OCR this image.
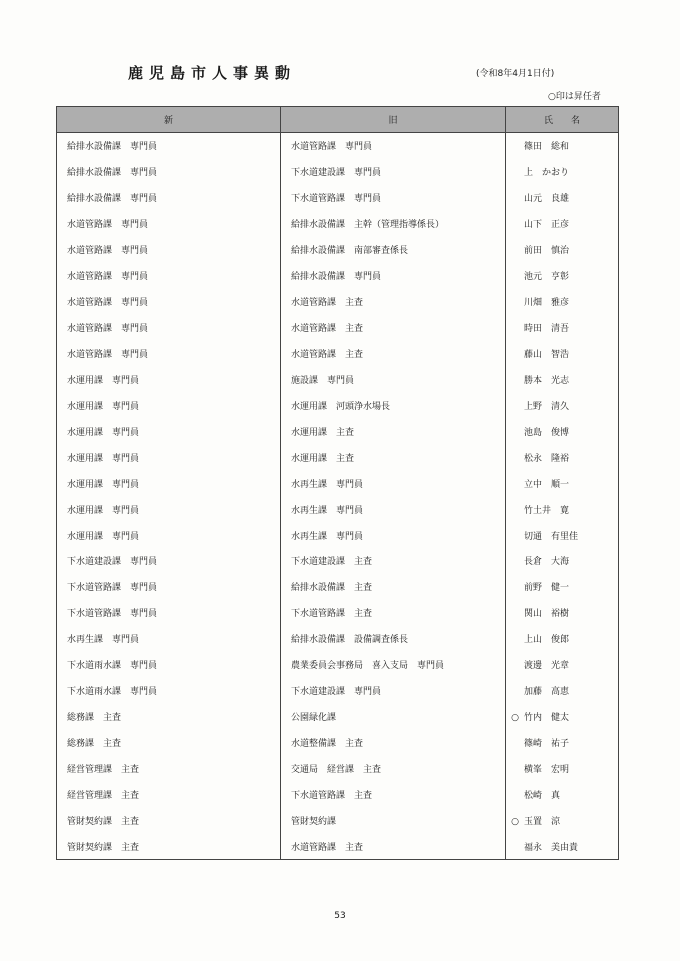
鹿児島市人事異動	(令和8年4月1日付)
○印は昇任者
新	旧	氏　　名
給排水設備課　専門員	水道管路課　専門員	篠田　総和
給排水設備課　専門員	下水道建設課　専門員	上　かおり
給排水設備課　専門員	下水道管路課　専門員	山元　良雄
水道管路課　専門員	給排水設備課　主幹（管理指導係長）	山下　正彦
水道管路課　専門員	給排水設備課　南部審査係長	前田　慎治
水道管路課　専門員	給排水設備課　専門員	池元　亨彰
水道管路課　専門員	水道管路課　主査	川畑　雅彦
水道管路課　専門員	水道管路課　主査	時田　清吾
水道管路課　専門員	水道管路課　主査	藤山　智浩
水運用課　専門員	施設課　専門員	勝本　光志
水運用課　専門員	水運用課　河頭浄水場長	上野　清久
水運用課　専門員	水運用課　主査	池島　俊博
水運用課　専門員	水運用課　主査	松永　隆裕
水運用課　専門員	水再生課　専門員	立中　順一
水運用課　専門員	水再生課　専門員	竹土井　寛
水運用課　専門員	水再生課　専門員	切通　有里佳
下水道建設課　専門員	下水道建設課　主査	長倉　大海
下水道管路課　専門員	給排水設備課　主査	前野　健一
下水道管路課　専門員	下水道管路課　主査	関山　裕樹
水再生課　専門員	給排水設備課　設備調査係長	上山　俊郎
下水道雨水課　専門員	農業委員会事務局　喜入支局　専門員	渡邊　光章
下水道雨水課　専門員	下水道建設課　専門員	加藤　高恵
総務課　主査	公園緑化課	○ 竹内　健太
総務課　主査	水道整備課　主査	篠崎　祐子
経営管理課　主査	交通局　経営課　主査	横峯　宏明
経営管理課　主査	下水道管路課　主査	松崎　真
管財契約課　主査	管財契約課	○ 玉置　涼
管財契約課　主査	水道管路課　主査	福永　美由貴
53
